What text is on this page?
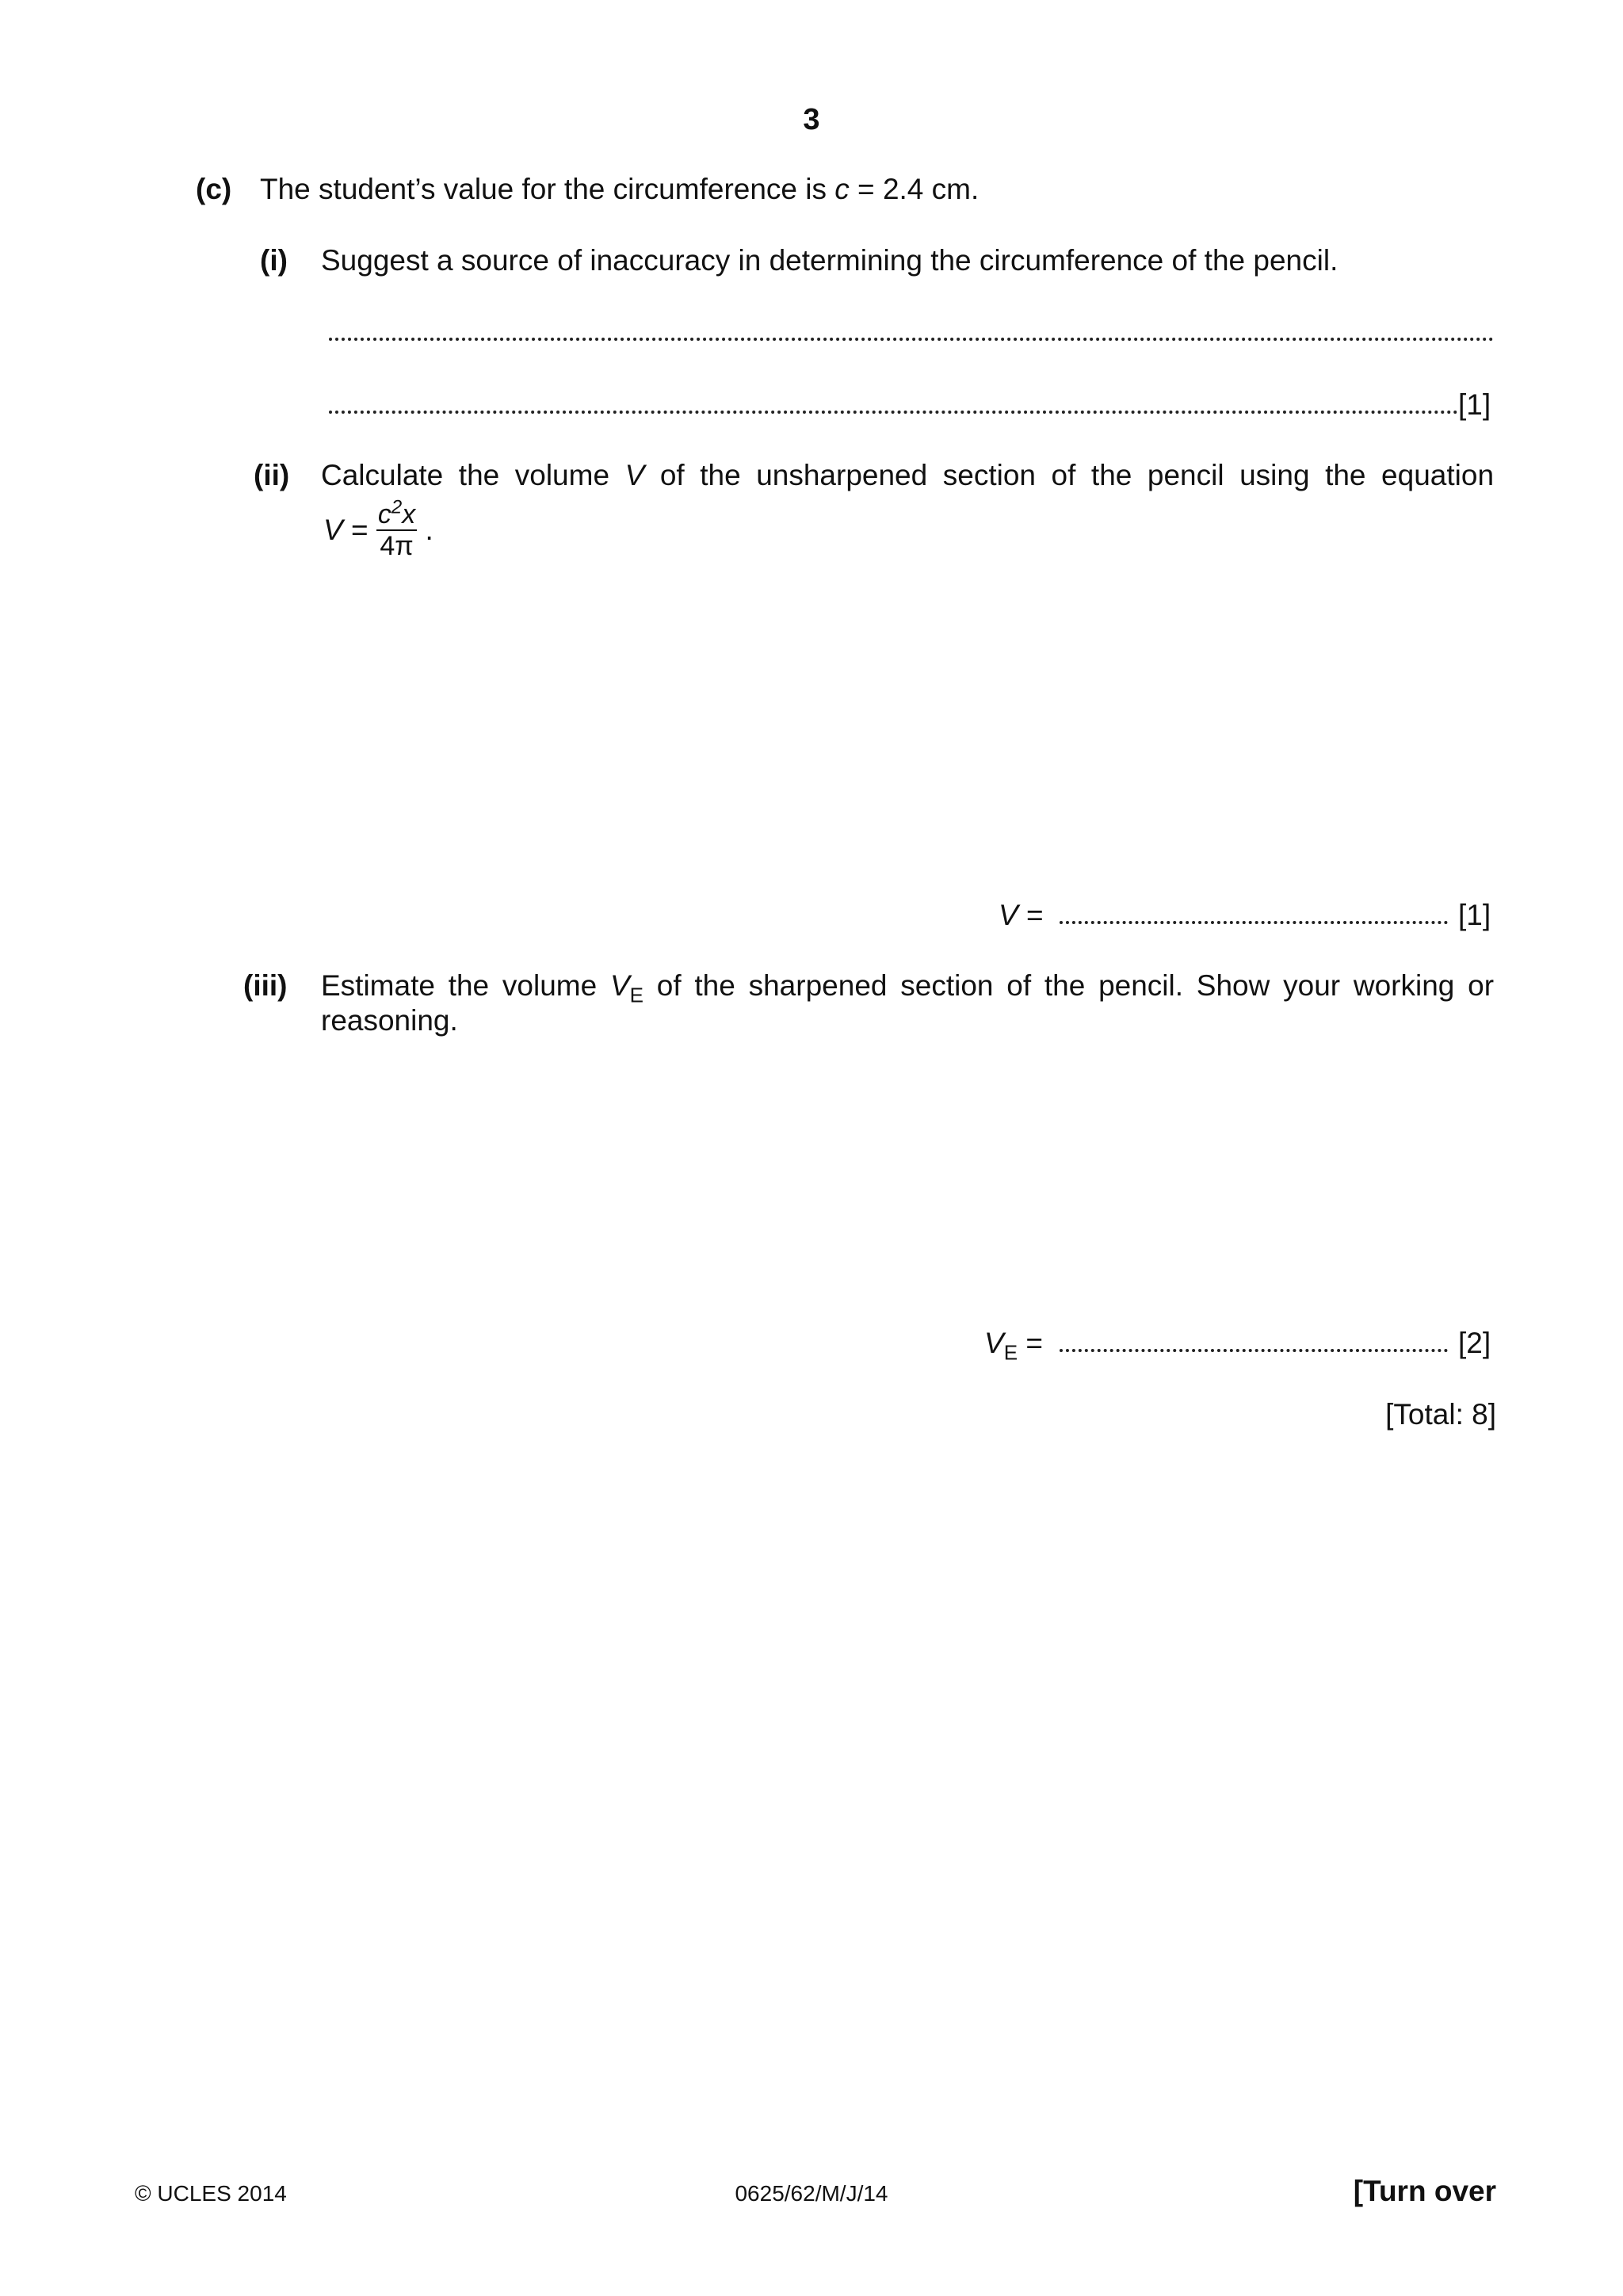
3
(c) The student’s value for the circumference is c = 2.4 cm.
(i) Suggest a source of inaccuracy in determining the circumference of the pencil.
[1]
(ii) Calculate the volume V of the unsharpened section of the pencil using the equation
$V = \frac{c^2x}{4\pi}$ .
V =	[1]
(iii) Estimate the volume $V_E$ of the sharpened section of the pencil. Show your working or
reasoning.
$V_E$ =	[2]
[Total: 8]
© UCLES 2014	0625/62/M/J/14	[Turn over
